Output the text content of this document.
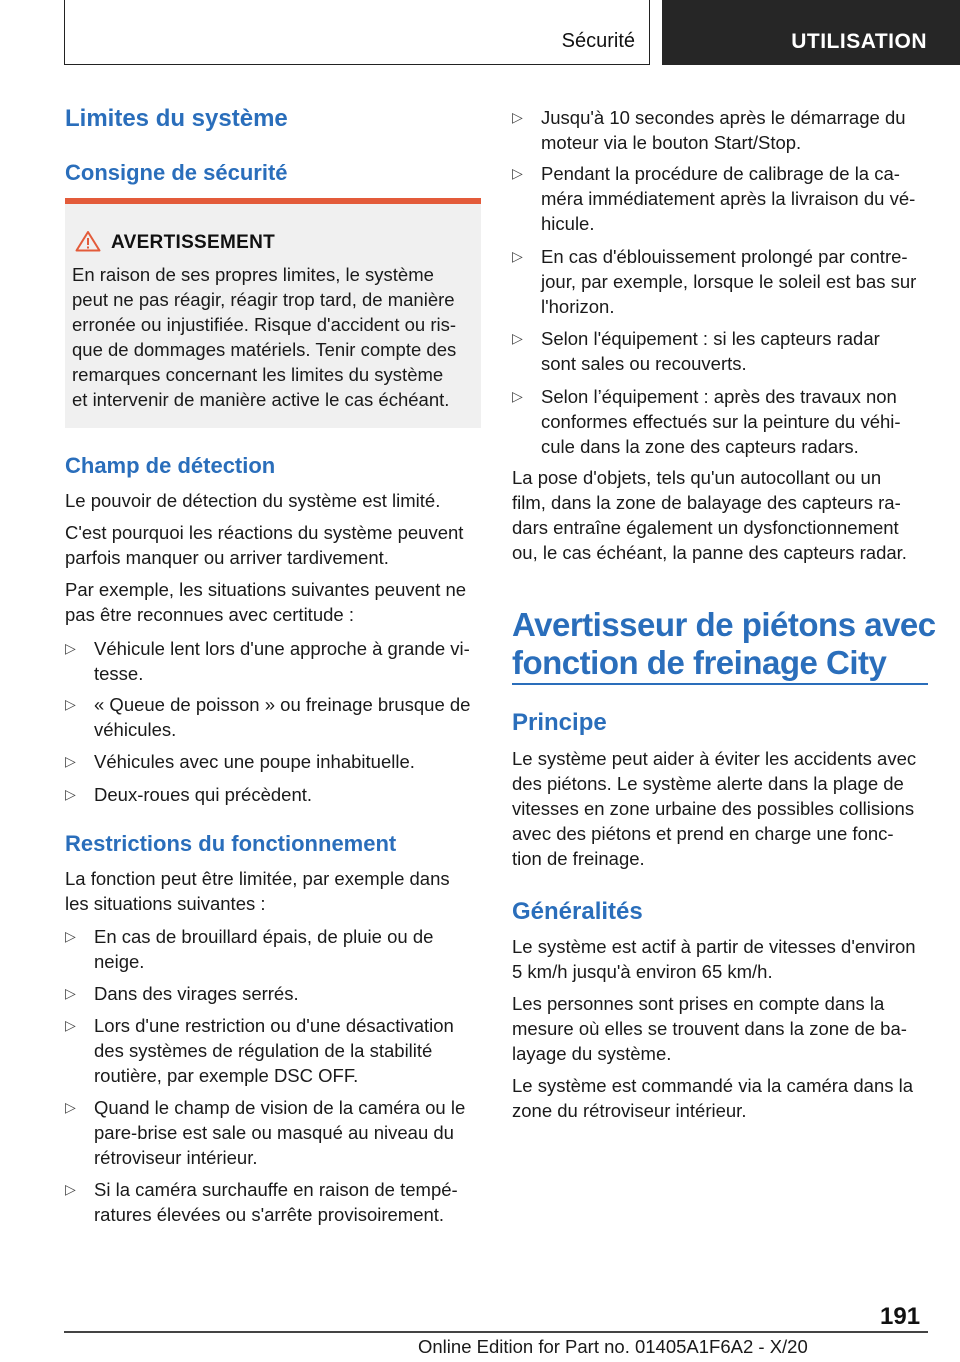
Sécurité	UTILISATION
Limites du système
Consigne de sécurité
AVERTISSEMENT
En raison de ses propres limites, le système
peut ne pas réagir, réagir trop tard, de manière
erronée ou injustifiée. Risque d'accident ou ris-
que de dommages matériels. Tenir compte des
remarques concernant les limites du système
et intervenir de manière active le cas échéant.
Champ de détection

Le pouvoir de détection du système est limité.

C'est pourquoi les réactions du système peuvent
parfois manquer ou arriver tardivement.

Par exemple, les situations suivantes peuvent ne
pas être reconnues avec certitude :

▷ Véhicule lent lors d'une approche à grande vi-
tesse.
▷ « Queue de poisson » ou freinage brusque de
véhicules.
▷ Véhicules avec une poupe inhabituelle.
▷ Deux-roues qui précèdent.
Restrictions du fonctionnement

La fonction peut être limitée, par exemple dans
les situations suivantes :

▷ En cas de brouillard épais, de pluie ou de
neige.
▷ Dans des virages serrés.
▷ Lors d'une restriction ou d'une désactivation
des systèmes de régulation de la stabilité
routière, par exemple DSC OFF.
▷ Quand le champ de vision de la caméra ou le
pare-brise est sale ou masqué au niveau du
rétroviseur intérieur.
▷ Si la caméra surchauffe en raison de tempé-
ratures élevées ou s'arrête provisoirement.
▷ Jusqu'à 10 secondes après le démarrage du
moteur via le bouton Start/Stop.
▷ Pendant la procédure de calibrage de la ca-
méra immédiatement après la livraison du vé-
hicule.
▷ En cas d'éblouissement prolongé par contre-
jour, par exemple, lorsque le soleil est bas sur
l'horizon.
▷ Selon l'équipement : si les capteurs radar
sont sales ou recouverts.
▷ Selon l’équipement : après des travaux non
conformes effectués sur la peinture du véhi-
cule dans la zone des capteurs radars.

La pose d'objets, tels qu'un autocollant ou un
film, dans la zone de balayage des capteurs ra-
dars entraîne également un dysfonctionnement
ou, le cas échéant, la panne des capteurs radar.

Avertisseur de piétons avec
fonction de freinage City
Principe

Le système peut aider à éviter les accidents avec
des piétons. Le système alerte dans la plage de
vitesses en zone urbaine des possibles collisions
avec des piétons et prend en charge une fonc-
tion de freinage.

Généralités

Le système est actif à partir de vitesses d'environ
5 km/h jusqu'à environ 65 km/h.

Les personnes sont prises en compte dans la
mesure où elles se trouvent dans la zone de ba-
layage du système.

Le système est commandé via la caméra dans la
zone du rétroviseur intérieur.

191
Online Edition for Part no. 01405A1F6A2 - X/20
